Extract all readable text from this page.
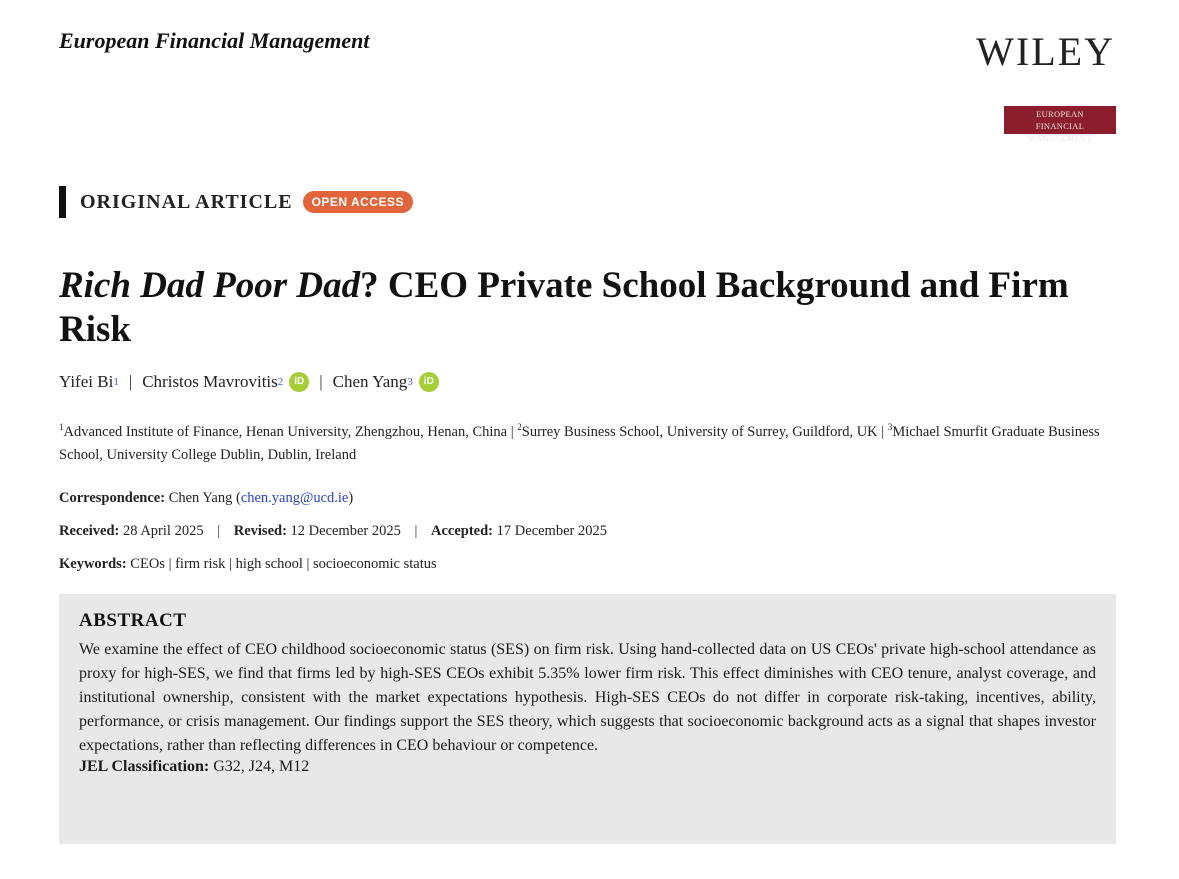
European Financial Management	WILEY
EUROPEAN
FINANCIAL MANAGEMENT
ORIGINAL ARTICLE	OPEN ACCESS
Rich Dad Poor Dad? CEO Private School Background and Firm Risk
Yifei Bi 1 | Christos Mavrovitis 2	iD | Chen Yang 3	iD
$^1$Advanced Institute of Finance, Henan University, Zhengzhou, Henan, China | $^2$Surrey Business School, University of Surrey, Guildford, UK | $^3$Michael Smurfit Graduate Business School, University College Dublin, Dublin, Ireland
Correspondence: Chen Yang (chen.yang@ucd.ie)
Received: 28 April 2025 | Revised: 12 December 2025 | Accepted: 17 December 2025
Keywords: CEOs | firm risk | high school | socioeconomic status
ABSTRACT
We examine the effect of CEO childhood socioeconomic status (SES) on firm risk. Using hand-collected data on US CEOs' private high-school attendance as proxy for high-SES, we find that firms led by high-SES CEOs exhibit 5.35% lower firm risk. This effect diminishes with CEO tenure, analyst coverage, and institutional ownership, consistent with the market expectations hypothesis. High-SES CEOs do not differ in corporate risk-taking, incentives, ability, performance, or crisis management. Our findings support the SES theory, which suggests that socioeconomic background acts as a signal that shapes investor expectations, rather than reflecting differences in CEO behaviour or competence.
JEL Classification: G32, J24, M12
